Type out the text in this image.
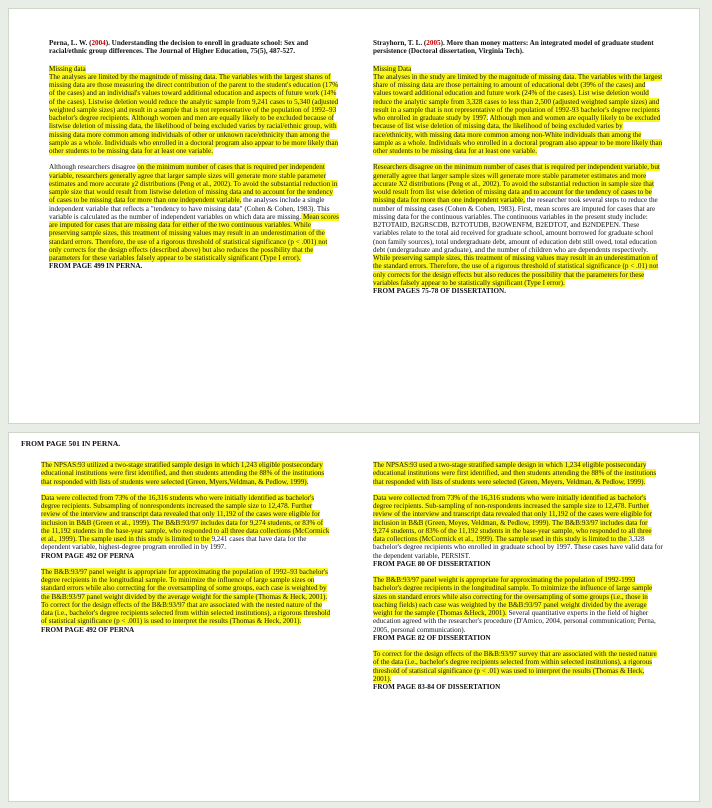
Perna, L. W. (2004). Understanding the decision to enroll in graduate school: Sex and racial/ethnic group differences. The Journal of Higher Education, 75(5), 487-527.
Missing data
The analyses are limited by the magnitude of missing data. The variables with the largest shares of missing data are those measuring the direct contribution of the parent to the student's education (17% of the cases) and an individual's values toward additional education and aspects of future work (14% of the cases). Listwise deletion would reduce the analytic sample from 9,241 cases to 5,340 (adjusted weighted sample sizes) and result in a sample that is not representative of the population of 1992–93 bachelor's degree recipients. Although women and men are equally likely to be excluded because of listwise deletion of missing data, the likelihood of being excluded varies by racial/ethnic group, with missing data more common among individuals of other or unknown race/ethnicity than among the sample as a whole. Individuals who enrolled in a doctoral program also appear to be more likely than other students to be missing data for at least one variable.
Although researchers disagree on the minimum number of cases that is required per independent variable, researchers generally agree that larger sample sizes will generate more stable parameter estimates and more accurate χ2 distributions (Peng et al., 2002). To avoid the substantial reduction in sample size that would result from listwise deletion of missing data and to account for the tendency of cases to be missing data for more than one independent variable, the analyses include a single independent variable that reflects a "tendency to have missing data" (Cohen & Cohen, 1983). This variable is calculated as the number of independent variables on which data are missing. Mean scores are imputed for cases that are missing data for either of the two continuous variables. While preserving sample sizes, this treatment of missing values may result in an underestimation of the standard errors. Therefore, the use of a rigorous threshold of statistical significance (p < .001) not only corrects for the design effects (described above) but also reduces the possibility that the parameters for these variables falsely appear to be statistically significant (Type I error).
FROM PAGE 499 IN PERNA.
Strayhorn, T. L. (2005). More than money matters: An integrated model of graduate student persistence (Doctoral dissertation, Virginia Tech).
Missing Data
The analyses in the study are limited by the magnitude of missing data. The variables with the largest share of missing data are those pertaining to amount of educational debt (39% of the cases) and values toward additional education and future work (24% of the cases). List wise deletion would reduce the analytic sample from 3,328 cases to less than 2,500 (adjusted weighted sample sizes) and result in a sample that is not representative of the population of 1992-93 bachelor's degree recipients who enrolled in graduate study by 1997. Although men and women are equally likely to be excluded because of list wise deletion of missing data, the likelihood of being excluded varies by race/ethnicity, with missing data more common among non-White individuals than among the sample as a whole. Individuals who enrolled in a doctoral program also appear to be more likely than other students to be missing data for at least one variable.
Researchers disagree on the minimum number of cases that is required per independent variable, but generally agree that larger sample sizes will generate more stable parameter estimates and more accurate X2 distributions (Peng et al., 2002). To avoid the substantial reduction in sample size that would result from list wise deletion of missing data and to account for the tendency of cases to be missing data for more than one independent variable, the researcher took several steps to reduce the number of missing cases (Cohen & Cohen, 1983). First, mean scores are imputed for cases that are missing data for the continuous variables. The continuous variables in the present study include: B2TOTAID, B2GRSCDB, B2TOTUDB, B2OWENFM, B2EDTOT, and B2NDEPEN. These variables relate to the total aid received for graduate school, amount borrowed for graduate school (non family sources), total undergraduate debt, amount of education debt still owed, total education debt (undergraduate and graduate), and the number of children who are dependents respectively. While preserving sample sizes, this treatment of missing values may result in an underestimation of the standard errors. Therefore, the use of a rigorous threshold of statistical significance (p < .01) not only corrects for the design effects but also reduces the possibility that the parameters for these variables falsely appear to be statistically significant (Type I error).
FROM PAGES 75-78 OF DISSERTATION.
FROM PAGE 501 IN PERNA.
The NPSAS:93 utilized a two-stage stratified sample design in which 1,243 eligible postsecondary educational institutions were first identified, and then students attending the 88% of the institutions that responded with lists of students were selected (Green, Myers,Veldman, & Pedlow, 1999).
Data were collected from 73% of the 16,316 students who were initially identified as bachelor's degree recipients. Subsampling of nonrespondents increased the sample size to 12,478. Further review of the interview and transcript data revealed that only 11,192 of the cases were eligible for inclusion in B&B (Green et al., 1999). The B&B:93/97 includes data for 9,274 students, or 83% of the 11,192 students in the base-year sample, who responded to all three data collections (McCormick et al., 1999). The sample used in this study is limited to the 9,241 cases that have data for the dependent variable, highest-degree program enrolled in by 1997.
FROM PAGE 492 OF PERNA
The B&B:93/97 panel weight is appropriate for approximating the population of 1992–93 bachelor's degree recipients in the longitudinal sample. To minimize the influence of large sample sizes on standard errors while also correcting for the oversampling of some groups, each case is weighted by the B&B:93/97 panel weight divided by the average weight for the sample (Thomas & Heck, 2001). To correct for the design effects of the B&B:93/97 that are associated with the nested nature of the data (i.e., bachelor's degree recipients selected from within selected institutions), a rigorous threshold of statistical significance (p < .001) is used to interpret the results (Thomas & Heck, 2001).
FROM PAGE 492 OF PERNA
The NPSAS:93 used a two-stage stratified sample design in which 1,234 eligible postsecondary educational institutions were first identified, and then students attending the 88% of the institutions that responded with lists of students were selected (Green, Meyers, Veldman, & Pedlow, 1999).
Data were collected from 73% of the 16,316 students who were initially identified as bachelor's degree recipients. Sub-sampling of non-respondents increased the sample size to 12,478. Further review of the interview and transcript data revealed that only 11,192 of the cases were eligible for inclusion in B&B (Green, Meyes, Veldman, & Pedlow, 1999). The B&B:93/97 includes data for 9,274 students, or 83% of the 11,192 students in the base-year sample, who responded to all three data collections (McCormick et al., 1999). The sample used in this study is limited to the 3,328 bachelor's degree recipients who enrolled in graduate school by 1997. These cases have valid data for the dependent variable, PERSIST.
FROM PAGE 80 OF DISSERTATION
The B&B:93/97 panel weight is appropriate for approximating the population of 1992-1993 bachelor's degree recipients in the longitudinal sample. To minimize the influence of large sample sizes on standard errors while also correcting for the oversampling of some groups (i.e., those in teaching fields) each case was weighted by the B&B:93/97 panel weight divided by the average weight for the sample (Thomas &Heck, 2001). Several quantitative experts in the field of higher education agreed with the researcher's procedure (D'Amico, 2004, personal communication; Perna, 2005, personal communication).
FROM PAGE 82 OF DISSERTATION
To correct for the design effects of the B&B:93/97 survey that are associated with the nested nature of the data (i.e., bachelor's degree recipients selected from within selected institutions), a rigorous threshold of statistical significance (p < .01) was used to interpret the results (Thomas & Heck, 2001).
FROM PAGE 83-84 OF DISSERTATION
